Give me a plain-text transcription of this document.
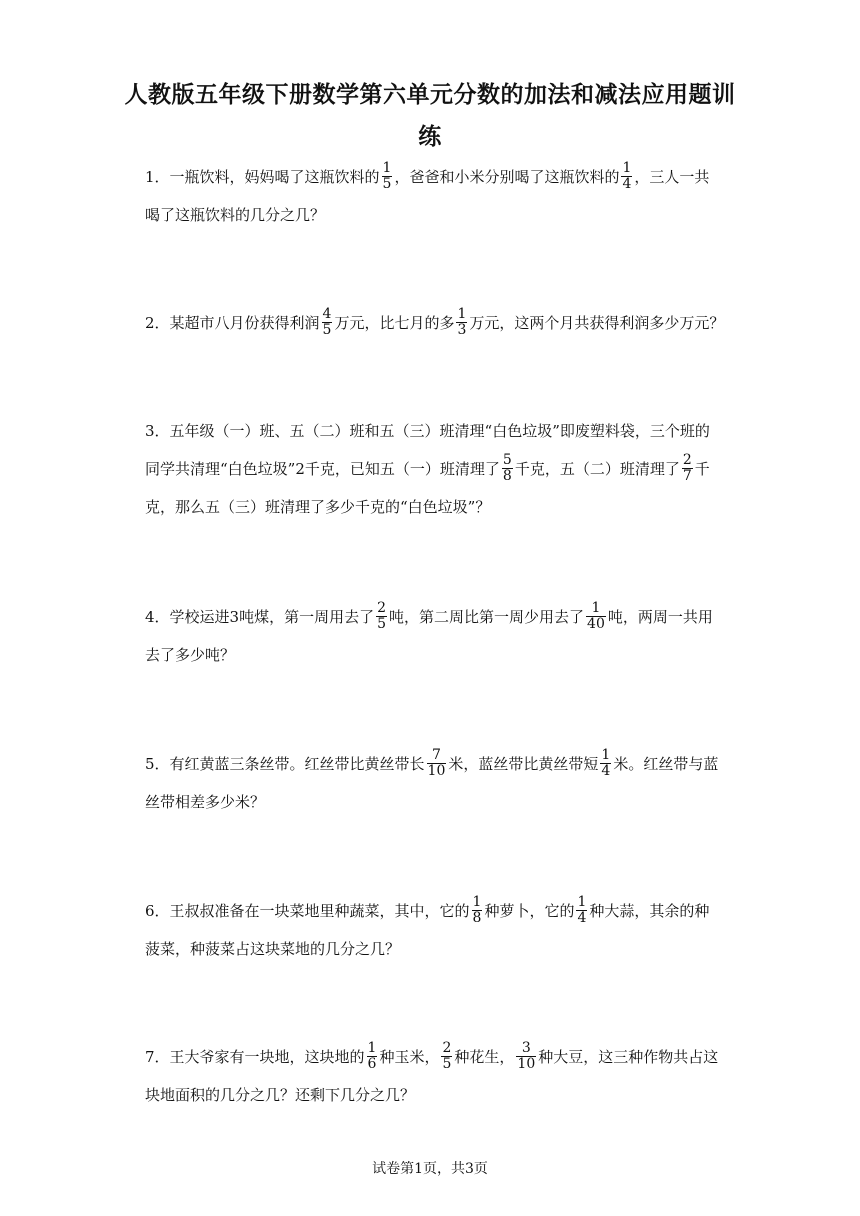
人教版五年级下册数学第六单元分数的加法和减法应用题训
练
1．一瓶饮料，妈妈喝了这瓶饮料的 $\frac{1}{5}$ ，爸爸和小米分别喝了这瓶饮料的 $\frac{1}{4}$ ，三人一共
喝了这瓶饮料的几分之几？
2．某超市八月份获得利润 $\frac{4}{5}$ 万元，比七月的多 $\frac{1}{3}$ 万元，这两个月共获得利润多少万元？
3．五年级（一）班、五（二）班和五（三）班清理“白色垃圾”即废塑料袋，三个班的
同学共清理“白色垃圾”2千克，已知五（一）班清理了 $\frac{5}{8}$ 千克，五（二）班清理了 $\frac{2}{7}$ 千
克，那么五（三）班清理了多少千克的“白色垃圾”？
4．学校运进3吨煤，第一周用去了 $\frac{2}{5}$ 吨，第二周比第一周少用去了 $\frac{1}{40}$ 吨，两周一共用
去了多少吨？
5．有红黄蓝三条丝带。红丝带比黄丝带长 $\frac{7}{10}$ 米，蓝丝带比黄丝带短 $\frac{1}{4}$ 米。红丝带与蓝
丝带相差多少米？
6．王叔叔准备在一块菜地里种蔬菜，其中，它的 $\frac{1}{8}$ 种萝卜，它的 $\frac{1}{4}$ 种大蒜，其余的种
菠菜，种菠菜占这块菜地的几分之几？
7．王大爷家有一块地，这块地的 $\frac{1}{6}$ 种玉米， $\frac{2}{5}$ 种花生， $\frac{3}{10}$ 种大豆，这三种作物共占这
块地面积的几分之几？还剩下几分之几？
试卷第1页，共3页
